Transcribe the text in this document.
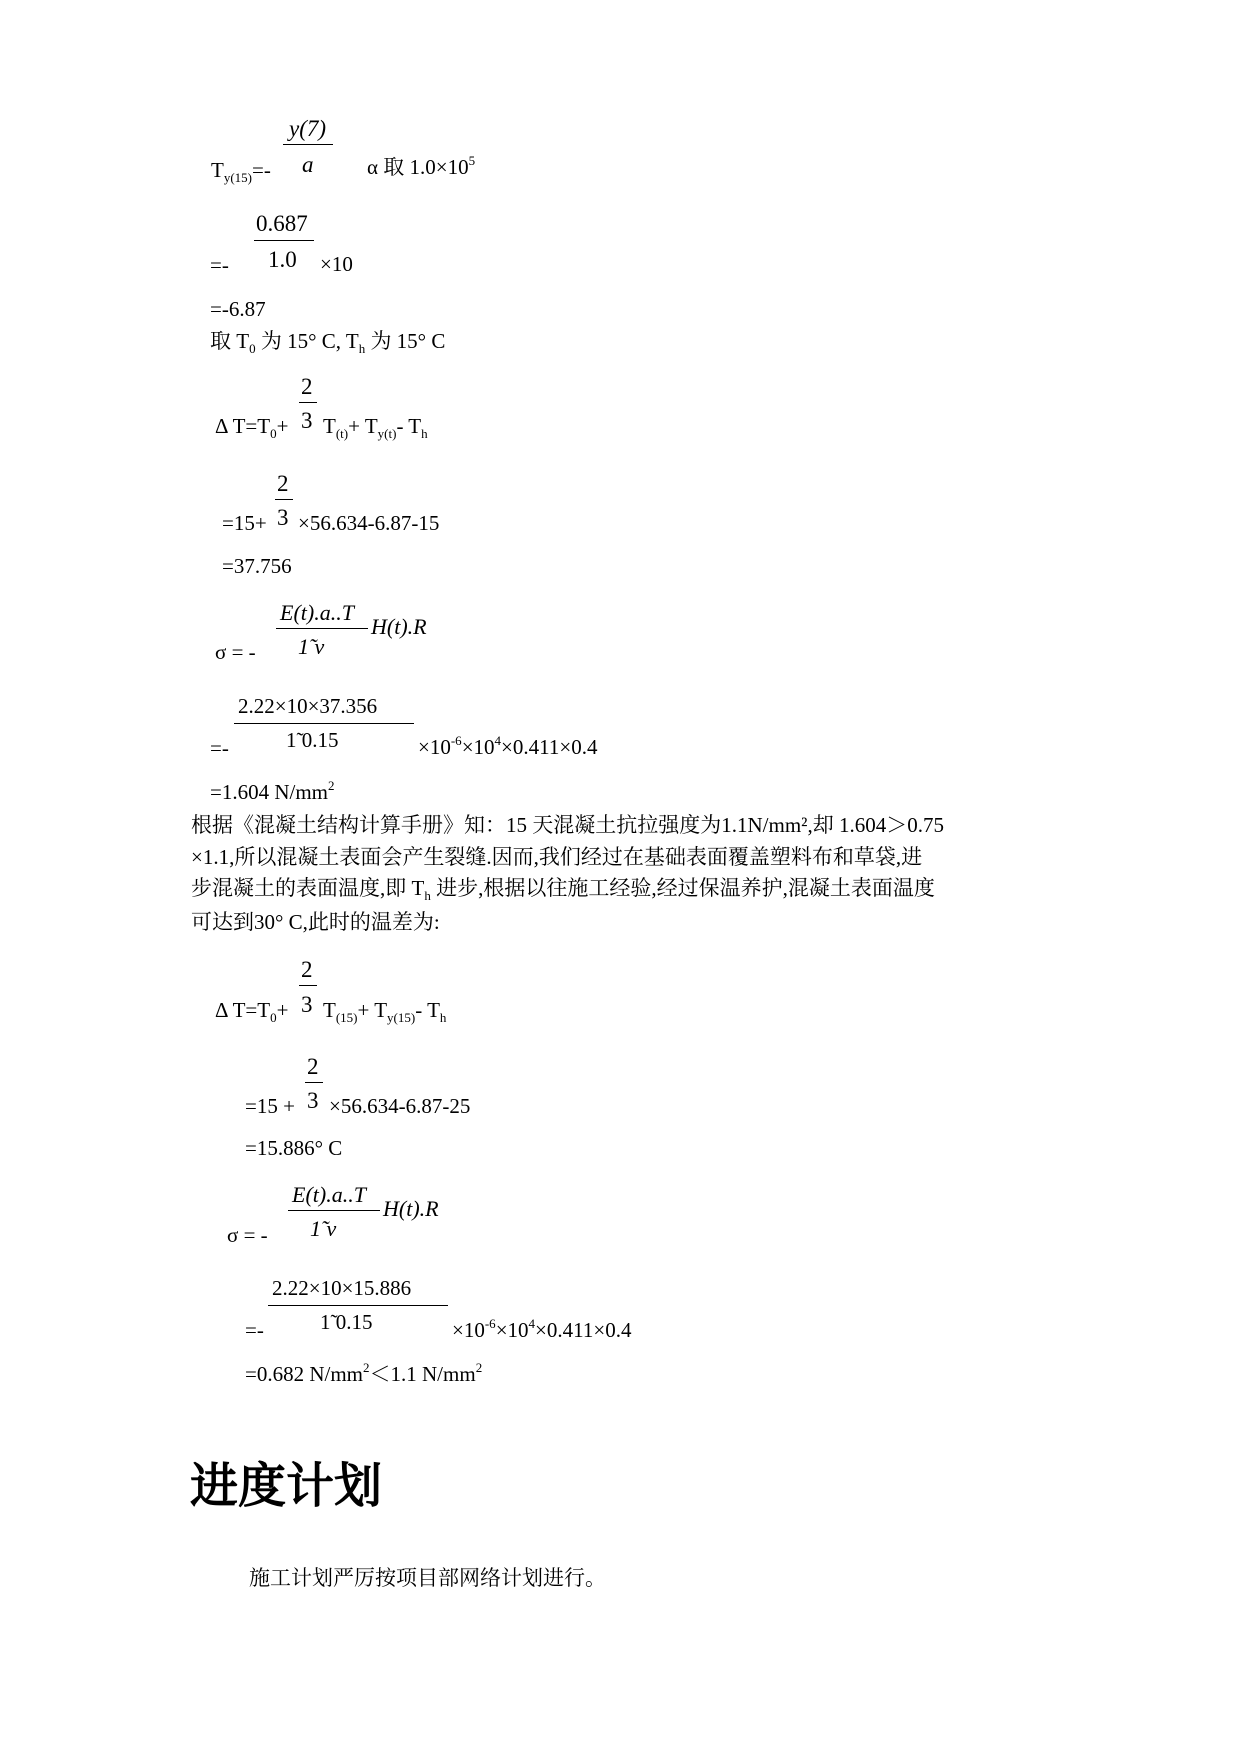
y(7)
a
$T_{y(15)}=-$	α 取 $1.0\times 10^5$
0.687
1.0
=-	×10
=-6.87
取 $T_0$ 为 15° C, $T_h$ 为 15° C
2
3
Δ $T=T_0+ T_{(t)}+ T_{y(t)}-$ $T_h$
2
3
=15+ ×56.634-6.87-15
=37.756
E(t).a..T
1̃ v
H(t).R
σ = -
2.22×10×37.356
1̃ 0.15
=-	$\times 10^{-6}\times 10^4\times 0.411\times 0.4$
=1.604 $N/mm^2$
根据《混凝土结构计算手册》知：15 天混凝土抗拉强度为1.1N/mm²,却 1.604＞0.75
×1.1,所以混凝土表面会产生裂缝.因而,我们经过在基础表面覆盖塑料布和草袋,进
步混凝土的表面温度,即 $T_h$ 进步,根据以往施工经验,经过保温养护,混凝土表面温度
可达到30° C,此时的温差为:
2
3
Δ $T=T_0+ T_{(15)}+ T_{y(15)}-$ $T_h$
2
3
=15 + ×56.634-6.87-25
=15.886° C
E(t).a..T
1̃ v
H(t).R
σ = -
2.22×10×15.886
1̃ 0.15
=-	$\times 10^{-6}\times 10^4\times 0.411\times 0.4$
=0.682 $N/mm^2<1.1$ $N/mm^2$
进度计划
施工计划严厉按项目部网络计划进行。
